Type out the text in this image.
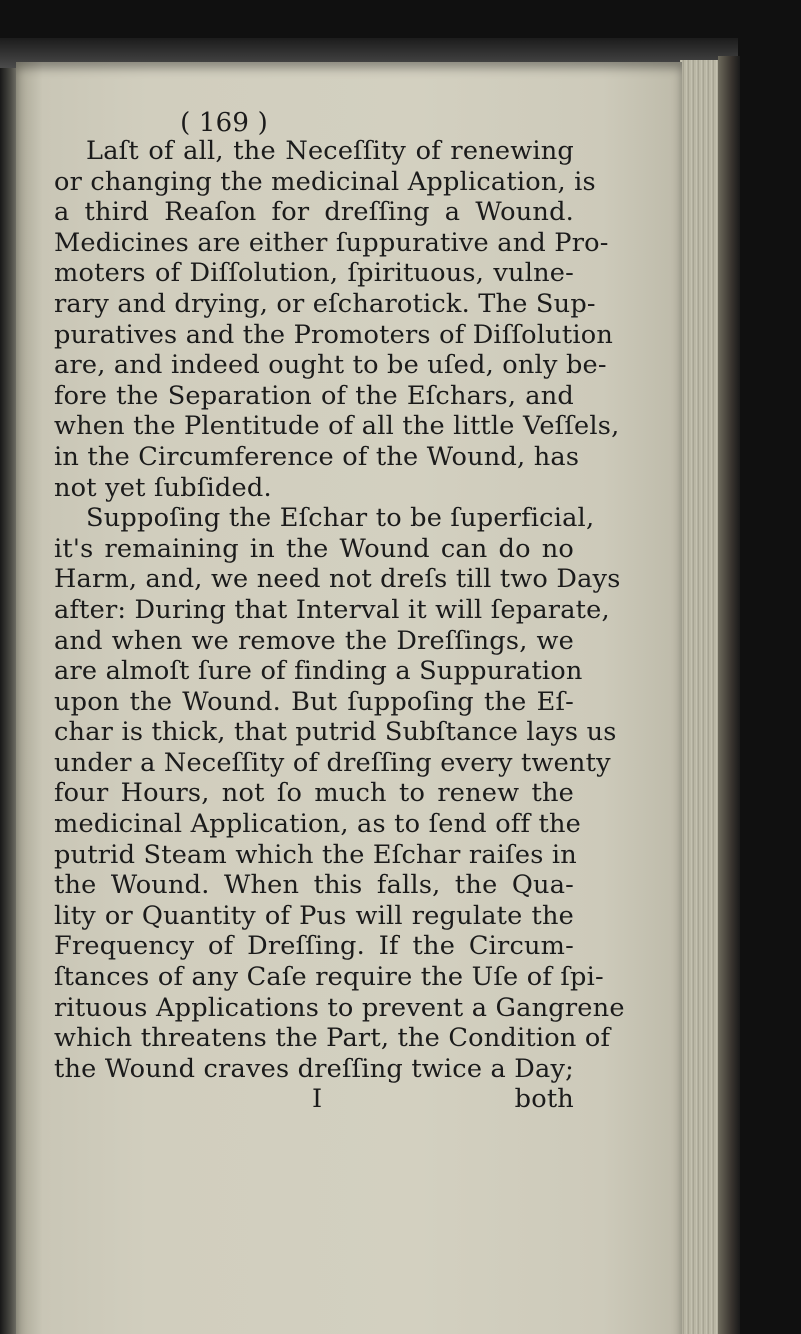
( 169 )
Laſt of all, the Neceſſity of renewing
or changing the medicinal Application, is
a third Reaſon for dreſſing a Wound.
Medicines are either ſuppurative and Pro-
moters of Diſſolution, ſpirituous, vulne-
rary and drying, or eſcharotick. The Sup-
puratives and the Promoters of Diſſolution
are, and indeed ought to be uſed, only be-
fore the Separation of the Eſchars, and
when the Plentitude of all the little Veſſels,
in the Circumference of the Wound, has
not yet ſubſided.
Suppoſing the Eſchar to be ſuperficial,
it's remaining in the Wound can do no
Harm, and, we need not dreſs till two Days
after: During that Interval it will ſeparate,
and when we remove the Dreſſings, we
are almoſt ſure of finding a Suppuration
upon the Wound. But ſuppoſing the Eſ-
char is thick, that putrid Subſtance lays us
under a Neceſſity of dreſſing every twenty
four Hours, not ſo much to renew the
medicinal Application, as to ſend off the
putrid Steam which the Eſchar raiſes in
the Wound. When this falls, the Qua-
lity or Quantity of Pus will regulate the
Frequency of Dreſſing. If the Circum-
ſtances of any Caſe require the Uſe of ſpi-
rituous Applications to prevent a Gangrene
which threatens the Part, the Condition of
the Wound craves dreſſing twice a Day;
I	both
